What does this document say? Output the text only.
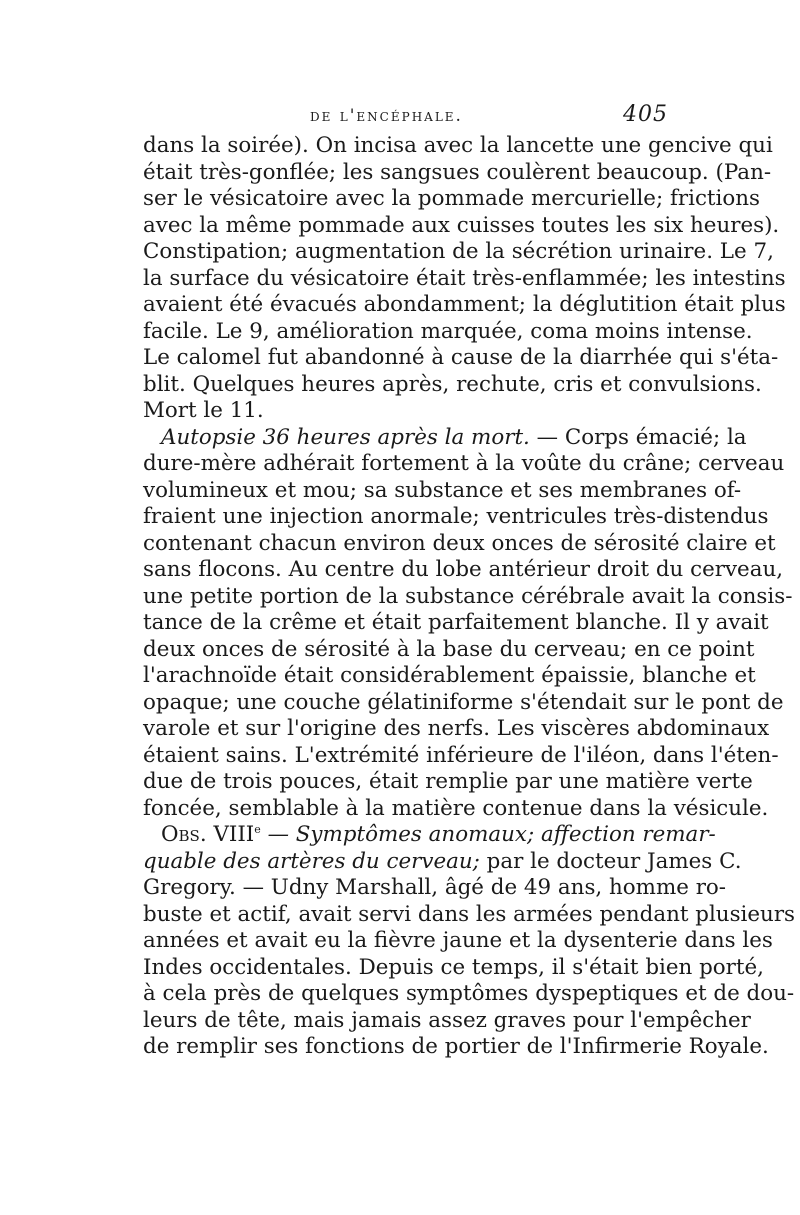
de l'encéphale.	405
dans la soirée). On incisa avec la lancette une gencive qui
était très-gonflée; les sangsues coulèrent beaucoup. (Pan-
ser le vésicatoire avec la pommade mercurielle; frictions
avec la même pommade aux cuisses toutes les six heures).
Constipation; augmentation de la sécrétion urinaire. Le 7,
la surface du vésicatoire était très-enflammée; les intestins
avaient été évacués abondamment; la déglutition était plus
facile. Le 9, amélioration marquée, coma moins intense.
Le calomel fut abandonné à cause de la diarrhée qui s'éta-
blit. Quelques heures après, rechute, cris et convulsions.
Mort le 11.
Autopsie 36 heures après la mort. — Corps émacié; la
dure-mère adhérait fortement à la voûte du crâne; cerveau
volumineux et mou; sa substance et ses membranes of-
fraient une injection anormale; ventricules très-distendus
contenant chacun environ deux onces de sérosité claire et
sans flocons. Au centre du lobe antérieur droit du cerveau,
une petite portion de la substance cérébrale avait la consis-
tance de la crême et était parfaitement blanche. Il y avait
deux onces de sérosité à la base du cerveau; en ce point
l'arachnoïde était considérablement épaissie, blanche et
opaque; une couche gélatiniforme s'étendait sur le pont de
varole et sur l'origine des nerfs. Les viscères abdominaux
étaient sains. L'extrémité inférieure de l'iléon, dans l'éten-
due de trois pouces, était remplie par une matière verte
foncée, semblable à la matière contenue dans la vésicule.
Obs. VIIIe — Symptômes anomaux; affection remar-
quable des artères du cerveau; par le docteur James C.
Gregory. — Udny Marshall, âgé de 49 ans, homme ro-
buste et actif, avait servi dans les armées pendant plusieurs
années et avait eu la fièvre jaune et la dysenterie dans les
Indes occidentales. Depuis ce temps, il s'était bien porté,
à cela près de quelques symptômes dyspeptiques et de dou-
leurs de tête, mais jamais assez graves pour l'empêcher
de remplir ses fonctions de portier de l'Infirmerie Royale.
